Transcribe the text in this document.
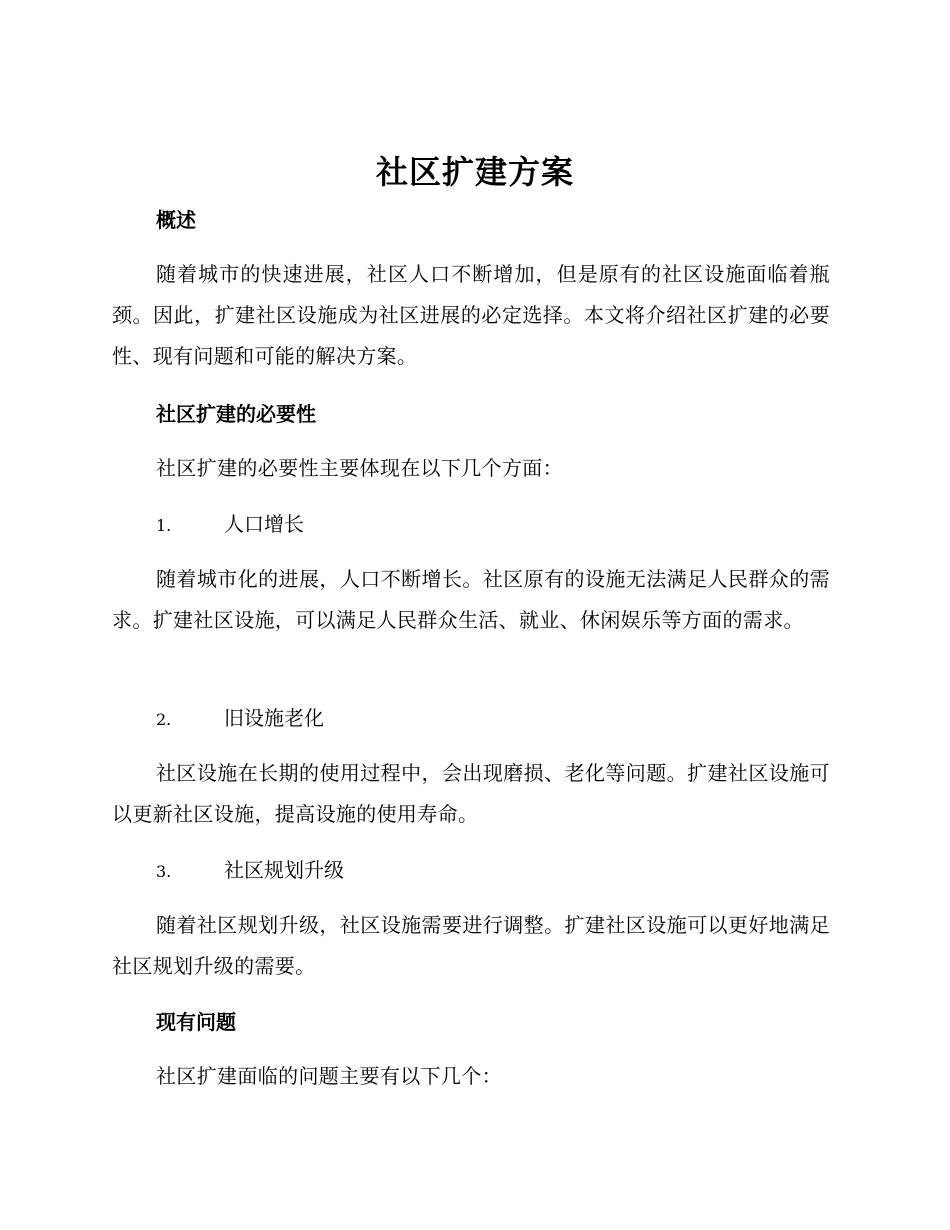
社区扩建方案
概述

随着城市的快速进展，社区人口不断增加，但是原有的社区设施面临着瓶颈。因此，扩建社区设施成为社区进展的必定选择。本文将介绍社区扩建的必要性、现有问题和可能的解决方案。

社区扩建的必要性

社区扩建的必要性主要体现在以下几个方面：

1.	人口增长

随着城市化的进展，人口不断增长。社区原有的设施无法满足人民群众的需求。扩建社区设施，可以满足人民群众生活、就业、休闲娱乐等方面的需求。

2.	旧设施老化

社区设施在长期的使用过程中，会出现磨损、老化等问题。扩建社区设施可以更新社区设施，提高设施的使用寿命。

3.	社区规划升级

随着社区规划升级，社区设施需要进行调整。扩建社区设施可以更好地满足社区规划升级的需要。

现有问题

社区扩建面临的问题主要有以下几个：
